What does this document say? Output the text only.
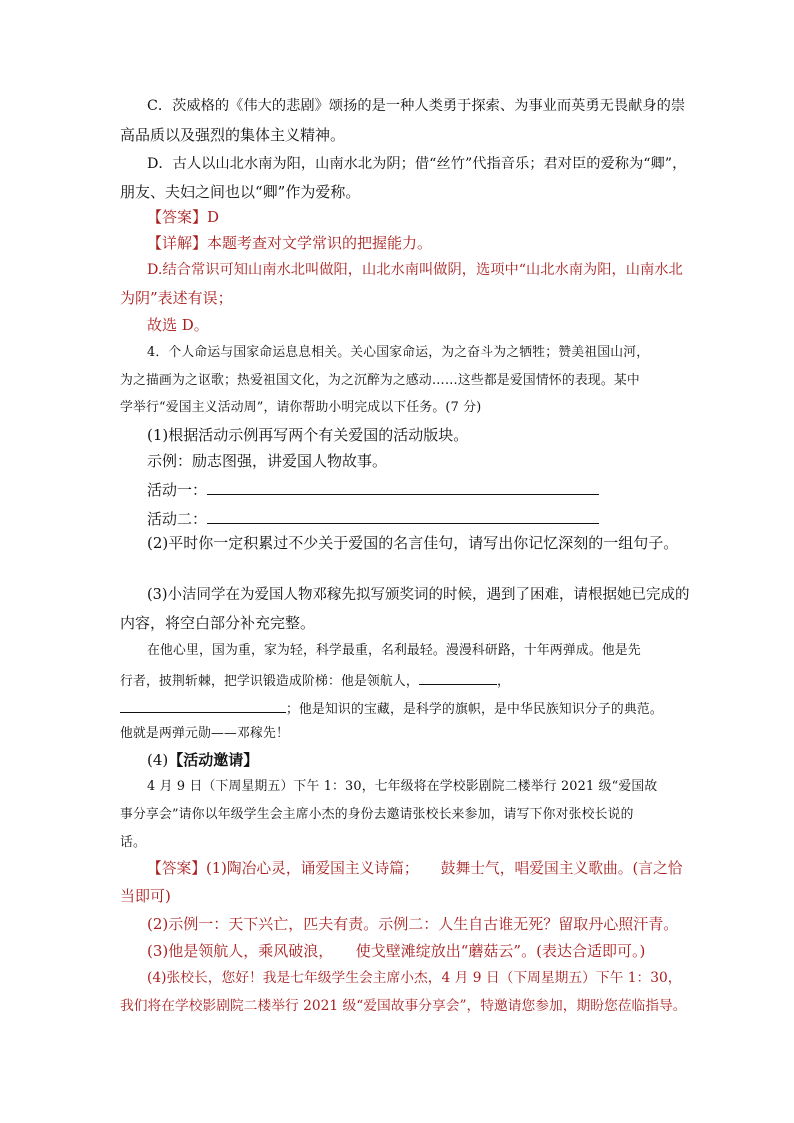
C．茨威格的《伟大的悲剧》颂扬的是一种人类勇于探索、为事业而英勇无畏献身的崇
高品质以及强烈的集体主义精神。
D．古人以山北水南为阳，山南水北为阴；借“丝竹”代指音乐；君对臣的爱称为“卿”，
朋友、夫妇之间也以“卿”作为爱称。
【答案】D
【详解】本题考查对文学常识的把握能力。
D.结合常识可知山南水北叫做阳，山北水南叫做阴，选项中“山北水南为阳，山南水北
为阴”表述有误；
故选 D。
4．个人命运与国家命运息息相关。关心国家命运，为之奋斗为之牺牲；赞美祖国山河，
为之描画为之讴歌；热爱祖国文化，为之沉醉为之感动……这些都是爱国情怀的表现。某中
学举行“爱国主义活动周”，请你帮助小明完成以下任务。(7 分)
(1)根据活动示例再写两个有关爱国的活动版块。
示例：励志图强，讲爱国人物故事。
活动一：
活动二：
(2)平时你一定积累过不少关于爱国的名言佳句，请写出你记忆深刻的一组句子。
(3)小洁同学在为爱国人物邓稼先拟写颁奖词的时候，遇到了困难，请根据她已完成的
内容，将空白部分补充完整。
在他心里，国为重，家为轻，科学最重，名利最轻。漫漫科研路，十年两弹成。他是先
行者，披荆斩棘，把学识锻造成阶梯：他是领航人，	，
；他是知识的宝藏，是科学的旗帜，是中华民族知识分子的典范。
他就是两弹元勋——邓稼先！
(4)【活动邀请】
4 月 9 日（下周星期五）下午 1：30，七年级将在学校影剧院二楼举行 2021 级“爱国故
事分享会”请你以年级学生会主席小杰的身份去邀请张校长来参加，请写下你对张校长说的
话。
【答案】(1)陶冶心灵，诵爱国主义诗篇；　　鼓舞士气，唱爱国主义歌曲。(言之恰
当即可)
(2)示例一：天下兴亡，匹夫有责。示例二：人生自古谁无死？留取丹心照汗青。
(3)他是领航人，乘风破浪，　　使戈壁滩绽放出“蘑菇云”。(表达合适即可。)
(4)张校长，您好！我是七年级学生会主席小杰，4 月 9 日（下周星期五）下午 1：30，
我们将在学校影剧院二楼举行 2021 级“爱国故事分享会”，特邀请您参加，期盼您莅临指导。
